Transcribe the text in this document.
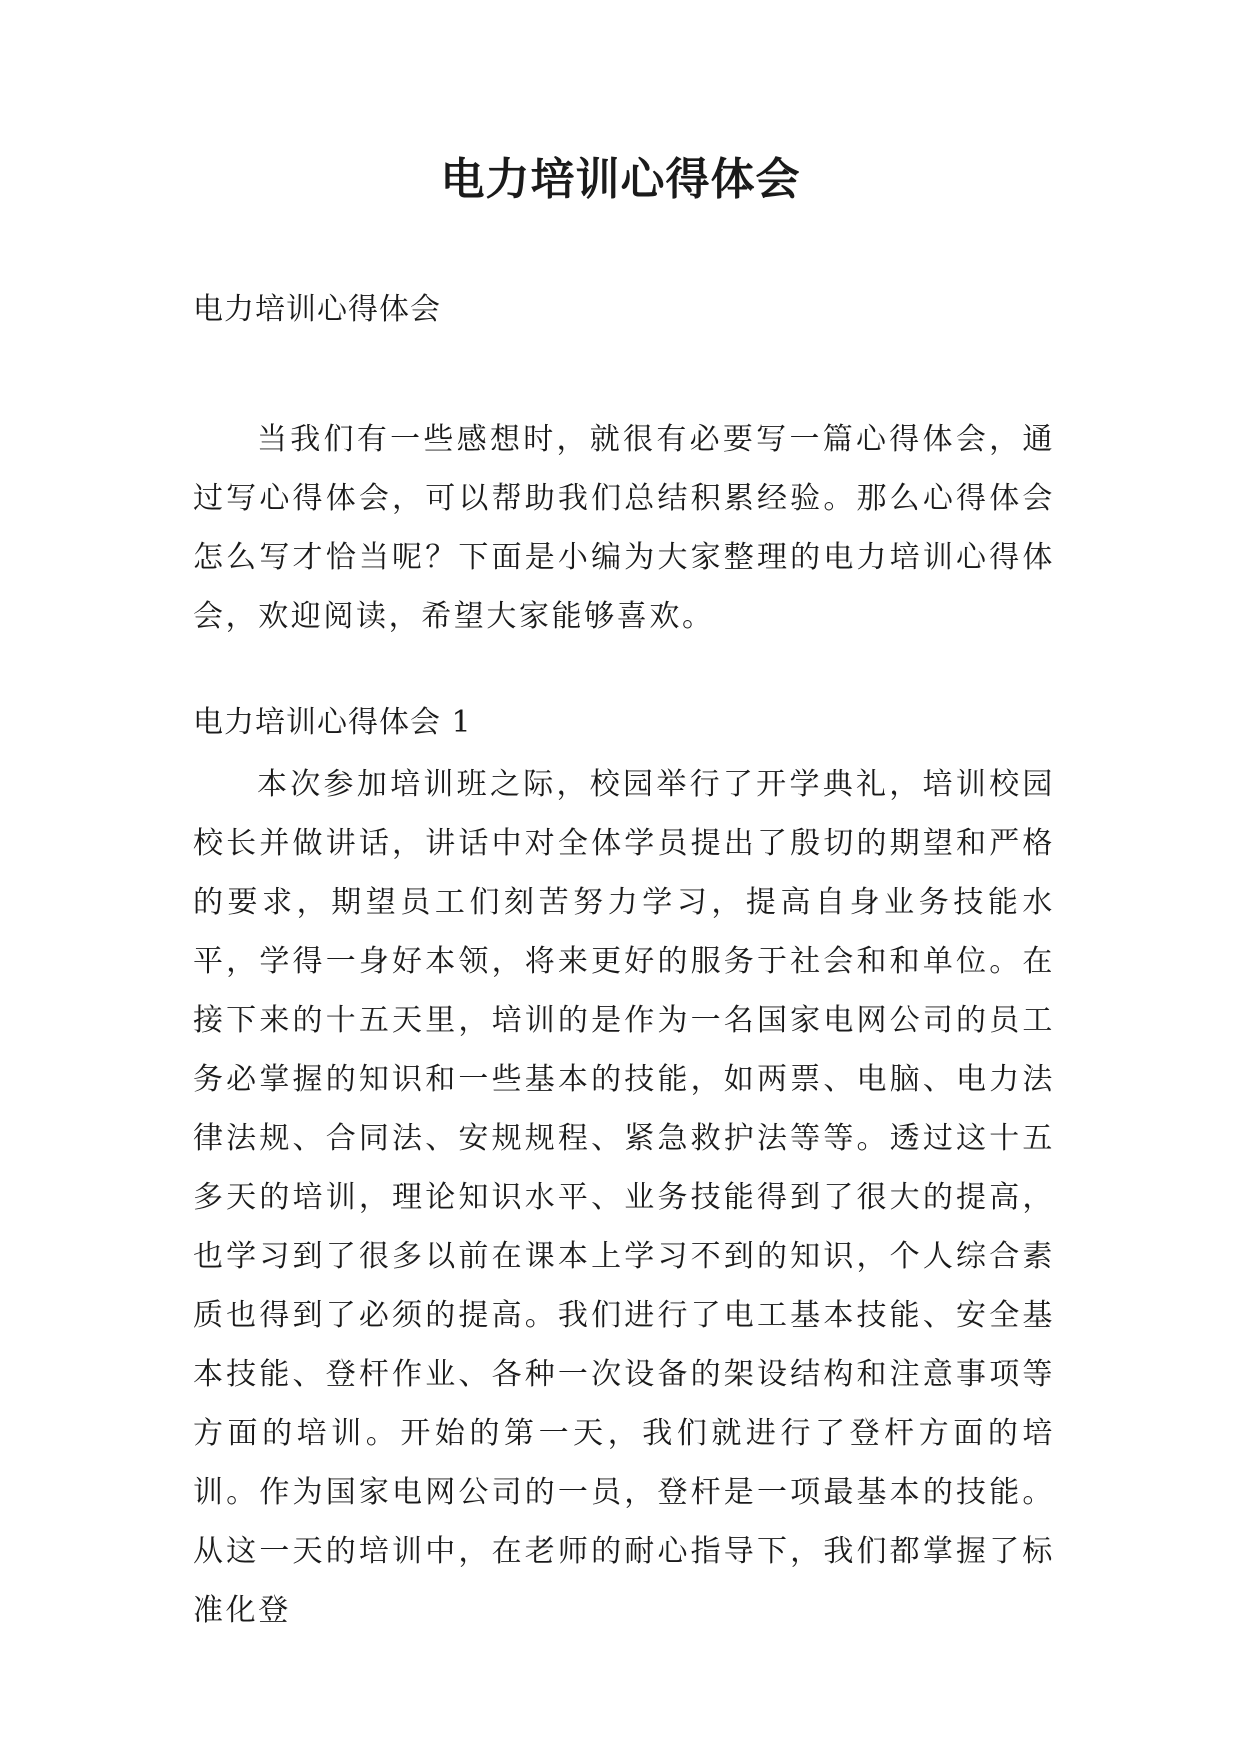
电力培训心得体会

电力培训心得体会

当我们有一些感想时，就很有必要写一篇心得体会，通过写心得体会，可以帮助我们总结积累经验。那么心得体会怎么写才恰当呢？下面是小编为大家整理的电力培训心得体会，欢迎阅读，希望大家能够喜欢。

电力培训心得体会 1

本次参加培训班之际，校园举行了开学典礼，培训校园校长并做讲话，讲话中对全体学员提出了殷切的期望和严格的要求，期望员工们刻苦努力学习，提高自身业务技能水平，学得一身好本领，将来更好的服务于社会和和单位。在接下来的十五天里，培训的是作为一名国家电网公司的员工务必掌握的知识和一些基本的技能，如两票、电脑、电力法律法规、合同法、安规规程、紧急救护法等等。透过这十五多天的培训，理论知识水平、业务技能得到了很大的提高，也学习到了很多以前在课本上学习不到的知识，个人综合素质也得到了必须的提高。我们进行了电工基本技能、安全基本技能、登杆作业、各种一次设备的架设结构和注意事项等方面的培训。开始的第一天，我们就进行了登杆方面的培训。作为国家电网公司的一员，登杆是一项最基本的技能。从这一天的培训中，在老师的耐心指导下，我们都掌握了标准化登
